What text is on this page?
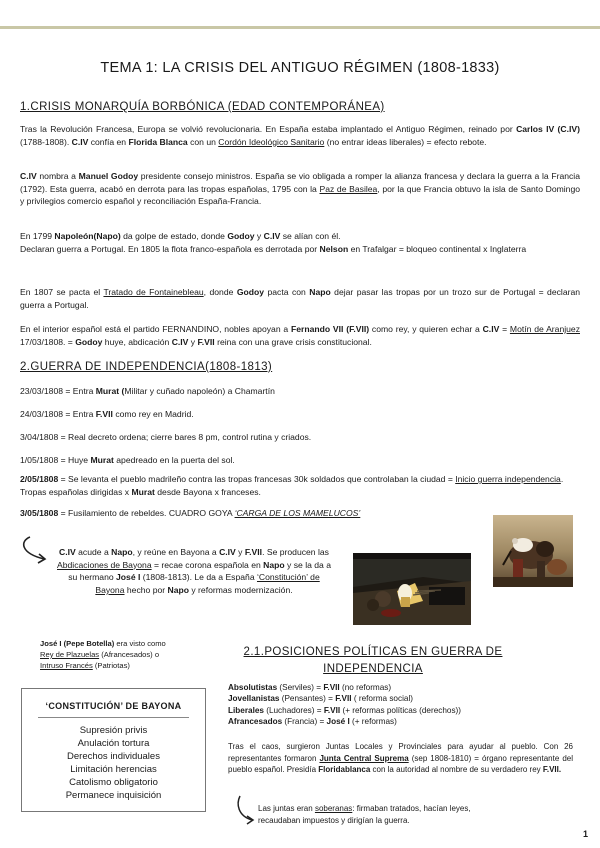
TEMA 1: LA CRISIS DEL ANTIGUO RÉGIMEN (1808-1833)
1.CRISIS MONARQUÍA BORBÓNICA (EDAD CONTEMPORÁNEA)
Tras la Revolución Francesa, Europa se volvió revolucionaria. En España estaba implantado el Antiguo Régimen, reinado por Carlos IV (C.IV) (1788-1808). C.IV confía en Florida Blanca con un Cordón Ideológico Sanitario (no entrar ideas liberales) = efecto rebote.
C.IV nombra a Manuel Godoy presidente consejo ministros. España se vio obligada a romper la alianza francesa y declara la guerra a la Francia (1792). Esta guerra, acabó en derrota para las tropas españolas, 1795 con la Paz de Basilea, por la que Francia obtuvo la isla de Santo Domingo y privilegios comercio español y reconciliación España-Francia.
En 1799 Napoleón(Napo) da golpe de estado, donde Godoy y C.IV se alían con él.
Declaran guerra a Portugal. En 1805 la flota franco-española es derrotada por Nelson en Trafalgar = bloqueo continental x Inglaterra
En 1807 se pacta el Tratado de Fontainebleau, donde Godoy pacta con Napo dejar pasar las tropas por un trozo sur de Portugal = declaran guerra a Portugal.
En el interior español está el partido FERNANDINO, nobles apoyan a Fernando VII (F.VII) como rey, y quieren echar a C.IV = Motín de Aranjuez 17/03/1808. = Godoy huye, abdicación C.IV y F.VII reina con una grave crisis constitucional.
2.GUERRA DE INDEPENDENCIA(1808-1813)
23/03/1808 = Entra Murat (Militar y cuñado napoleón) a Chamartín
24/03/1808 = Entra F.VII como rey en Madrid.
3/04/1808 = Real decreto ordena; cierre bares 8 pm, control rutina y criados.
1/05/1808 = Huye Murat apedreado en la puerta del sol.
2/05/1808 = Se levanta el pueblo madrileño contra las tropas francesas 30k soldados que controlaban la ciudad = Inicio guerra independencia. Tropas españolas dirigidas x Murat desde Bayona x franceses.
3/05/1808 = Fusilamiento de rebeldes. CUADRO GOYA ‘CARGA DE LOS MAMELUCOS’
C.IV acude a Napo, y reúne en Bayona a C.IV y F.VII. Se producen las Abdicaciones de Bayona = recae corona española en Napo y se la da a su hermano José I (1808-1813). Le da a España ‘Constitución’ de Bayona hecho por Napo y reformas modernización.
José I (Pepe Botella) era visto como
Rey de Plazuelas (Afrancesados) o
Intruso Francés (Patriotas)
‘CONSTITUCIÓN’ DE BAYONA
Supresión privis
Anulación tortura
Derechos individuales
Limitación herencias
Catolismo obligatorio
Permanece inquisición
2.1.POSICIONES POLÍTICAS EN GUERRA DE
INDEPENDENCIA
Absolutistas (Serviles) = F.VII (no reformas)
Jovellanistas (Pensantes) = F.VII ( reforma social)
Liberales (Luchadores) = F.VII (+ reformas políticas (derechos))
Afrancesados (Francia) = José I (+ reformas)
Tras el caos, surgieron Juntas Locales y Provinciales para ayudar al pueblo. Con 26 representantes formaron Junta Central Suprema (sep 1808-1810) = órgano representante del pueblo español. Presidía Floridablanca con la autoridad al nombre de su verdadero rey F.VII.
Las juntas eran soberanas: firmaban tratados, hacían leyes, recaudaban impuestos y dirigían la guerra.
1
